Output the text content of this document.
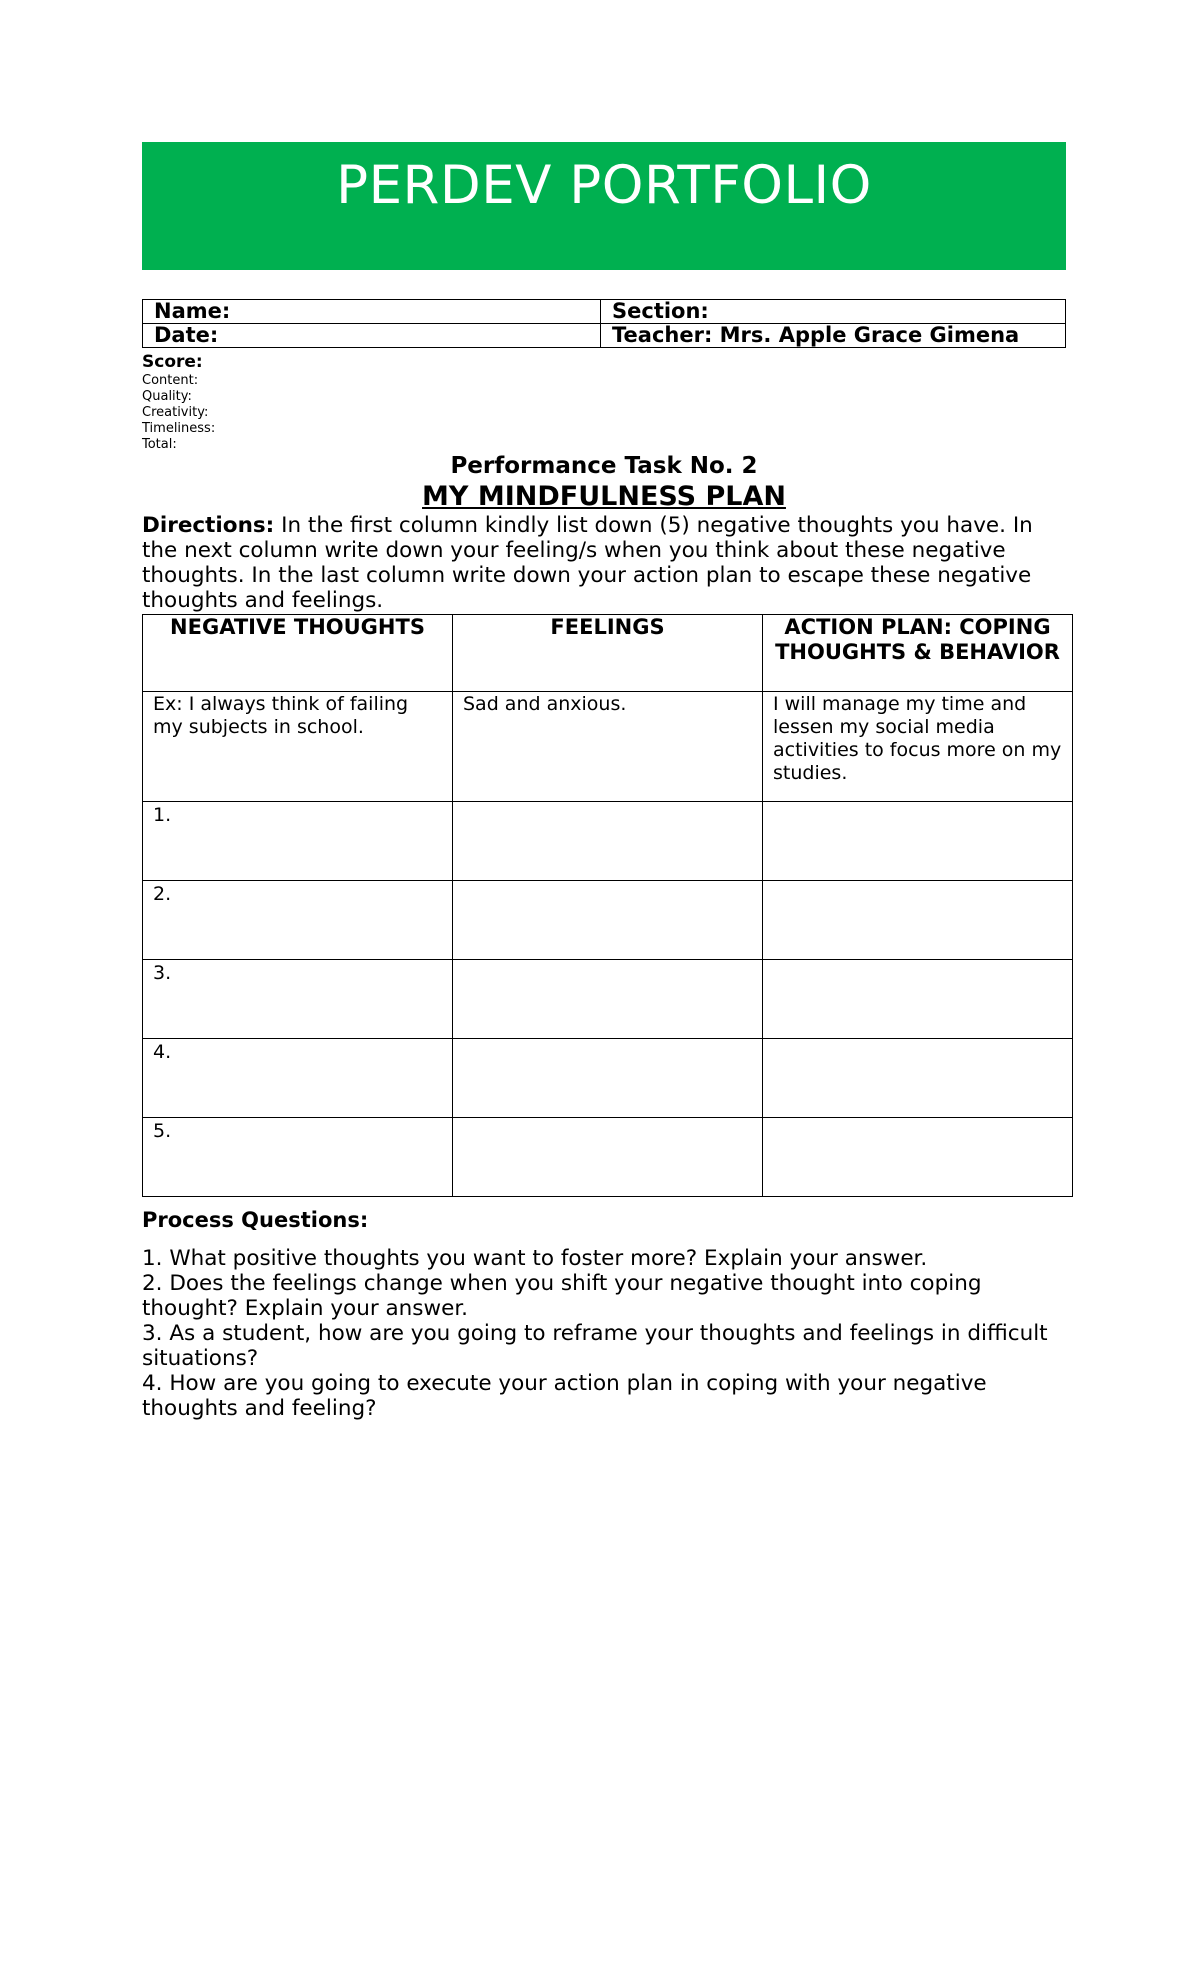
PERDEV PORTFOLIO
Name:	Section:
Date:	Teacher: Mrs. Apple Grace Gimena
Score:
Content:
Quality:
Creativity:
Timeliness:
Total:
Performance Task No. 2
MY MINDFULNESS PLAN
Directions: In the first column kindly list down (5) negative thoughts you have. In the next column write down your feeling/s when you think about these negative thoughts. In the last column write down your action plan to escape these negative thoughts and feelings.
NEGATIVE THOUGHTS	FEELINGS	ACTION PLAN: COPING THOUGHTS & BEHAVIOR
Ex: I always think of failing my subjects in school.	Sad and anxious.	I will manage my time and lessen my social media activities to focus more on my studies.
1.		
2.		
3.		
4.		
5.		
Process Questions:

1. What positive thoughts you want to foster more? Explain your answer.

2. Does the feelings change when you shift your negative thought into coping thought? Explain your answer.

3. As a student, how are you going to reframe your thoughts and feelings in difficult situations?

4. How are you going to execute your action plan in coping with your negative thoughts and feeling?
